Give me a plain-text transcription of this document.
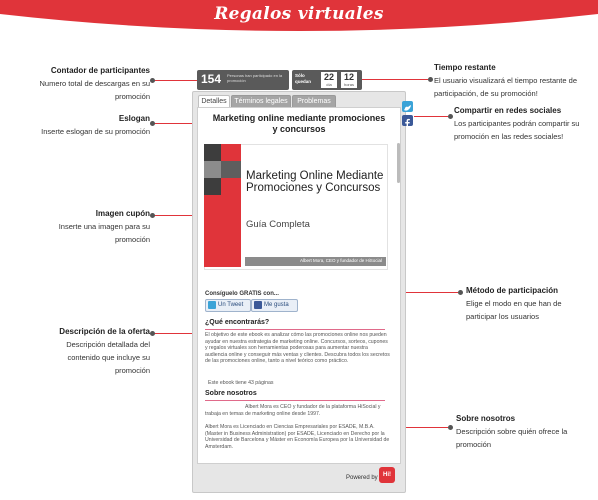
Regalos virtuales
Contador de participantes
Numero total de descargas en su
promoción
Eslogan
Inserte eslogan de su promoción
Imagen cupón
Inserte una imagen para su
promoción
Descripción de la oferta
Descripción detallada del
contenido que incluye su
promoción
Tiempo restante
El usuario visualizará el tiempo restante de
participación, de su promoción!
Compartir en redes sociales
Los participantes podrán compartir su
promoción en las redes sociales!
Método de participación
Elige el modo en que han de
participar los usuarios
Sobre nosotros
Descripción sobre quién ofrece la
promoción
154 Personas han participado en la promoción
Sólo quedan	22
día
12
horas
Detalles	Términos legales	Problemas
Marketing online mediante promociones y concursos
Marketing Online Mediante Promociones y Concursos
Guía Completa
Albert Mora, CEO y fundador de HiSocial
Consíguelo GRATIS con...
Un Tweet	Me gusta
¿Qué encontrarás?
El objetivo de este ebook es analizar cómo las promociones online nos pueden ayudar en nuestra estrategia de marketing online. Concursos, sorteos, cupones y regalos virtuales son herramientas poderosas para aumentar nuestra audiencia online y conseguir más ventas y clientes. Descubra todos los secretos de las promociones online, tanto a nivel teórico como práctico.
Este ebook tiene 43 páginas
Sobre nosotros
Albert Mora es CEO y fundador de la plataforma HiSocial y trabaja en temas de marketing online desde 1997.
Albert Mora es Licenciado en Ciencias Empresariales por ESADE, M.B.A. (Master in Business Administration) por ESADE, Licenciado en Derecho por la Universidad de Barcelona y Máster en Economía Europea por la Universidad de Amsterdam.
Powered by Hi!
